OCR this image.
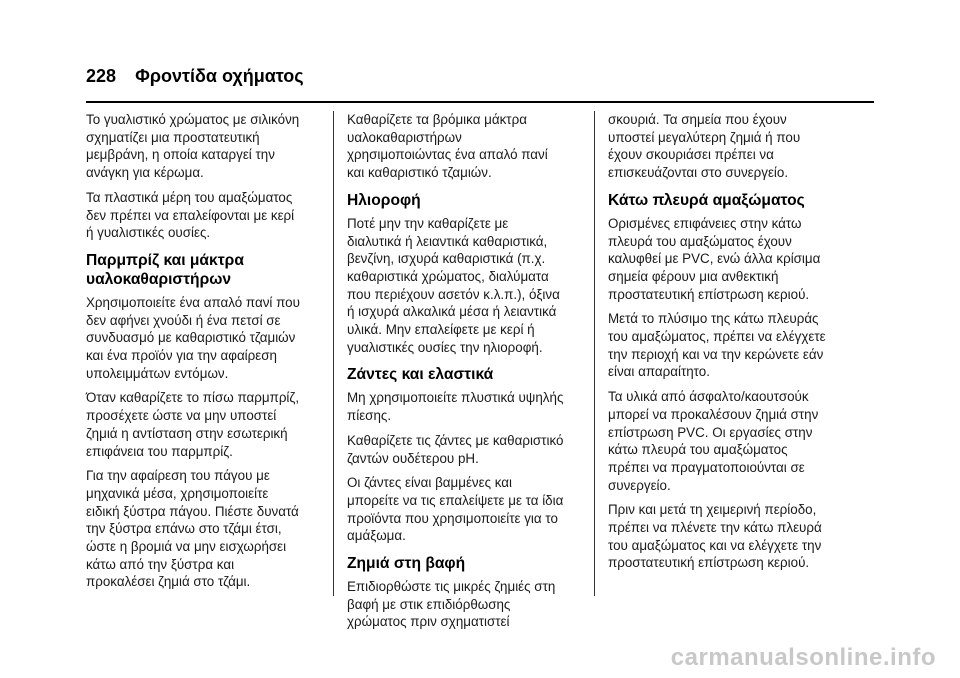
228 Φροντίδα οχήματος

Το γυαλιστικό χρώματος με σιλικόνη
σχηματίζει μια προστατευτική
μεμβράνη, η οποία καταργεί την
ανάγκη για κέρωμα.

Τα πλαστικά μέρη του αμαξώματος
δεν πρέπει να επαλείφονται με κερί
ή γυαλιστικές ουσίες.

Παρμπρίζ και μάκτρα
υαλοκαθαριστήρων

Χρησιμοποιείτε ένα απαλό πανί που
δεν αφήνει χνούδι ή ένα πετσί σε
συνδυασμό με καθαριστικό τζαμιών
και ένα προϊόν για την αφαίρεση
υπολειμμάτων εντόμων.

Όταν καθαρίζετε το πίσω παρμπρίζ,
προσέχετε ώστε να μην υποστεί
ζημιά η αντίσταση στην εσωτερική
επιφάνεια του παρμπρίζ.

Για την αφαίρεση του πάγου με
μηχανικά μέσα, χρησιμοποιείτε
ειδική ξύστρα πάγου. Πιέστε δυνατά
την ξύστρα επάνω στο τζάμι έτσι,
ώστε η βρομιά να μην εισχωρήσει
κάτω από την ξύστρα και
προκαλέσει ζημιά στο τζάμι.

Καθαρίζετε τα βρόμικα μάκτρα
υαλοκαθαριστήρων
χρησιμοποιώντας ένα απαλό πανί
και καθαριστικό τζαμιών.

Ηλιοροφή

Ποτέ μην την καθαρίζετε με
διαλυτικά ή λειαντικά καθαριστικά,
βενζίνη, ισχυρά καθαριστικά (π.χ.
καθαριστικά χρώματος, διαλύματα
που περιέχουν ασετόν κ.λ.π.), όξινα
ή ισχυρά αλκαλικά μέσα ή λειαντικά
υλικά. Μην επαλείφετε με κερί ή
γυαλιστικές ουσίες την ηλιοροφή.

Ζάντες και ελαστικά

Μη χρησιμοποιείτε πλυστικά υψηλής
πίεσης.

Καθαρίζετε τις ζάντες με καθαριστικό
ζαντών ουδέτερου pH.

Οι ζάντες είναι βαμμένες και
μπορείτε να τις επαλείψετε με τα ίδια
προϊόντα που χρησιμοποιείτε για το
αμάξωμα.

Ζημιά στη βαφή

Επιδιορθώστε τις μικρές ζημιές στη
βαφή με στικ επιδιόρθωσης
χρώματος πριν σχηματιστεί

σκουριά. Τα σημεία που έχουν
υποστεί μεγαλύτερη ζημιά ή που
έχουν σκουριάσει πρέπει να
επισκευάζονται στο συνεργείο.

Κάτω πλευρά αμαξώματος

Ορισμένες επιφάνειες στην κάτω
πλευρά του αμαξώματος έχουν
καλυφθεί με PVC, ενώ άλλα κρίσιμα
σημεία φέρουν μια ανθεκτική
προστατευτική επίστρωση κεριού.

Μετά το πλύσιμο της κάτω πλευράς
του αμαξώματος, πρέπει να ελέγχετε
την περιοχή και να την κερώνετε εάν
είναι απαραίτητο.

Τα υλικά από άσφαλτο/καουτσούκ
μπορεί να προκαλέσουν ζημιά στην
επίστρωση PVC. Οι εργασίες στην
κάτω πλευρά του αμαξώματος
πρέπει να πραγματοποιούνται σε
συνεργείο.

Πριν και μετά τη χειμερινή περίοδο,
πρέπει να πλένετε την κάτω πλευρά
του αμαξώματος και να ελέγχετε την
προστατευτική επίστρωση κεριού.

carmanualsonline.info
